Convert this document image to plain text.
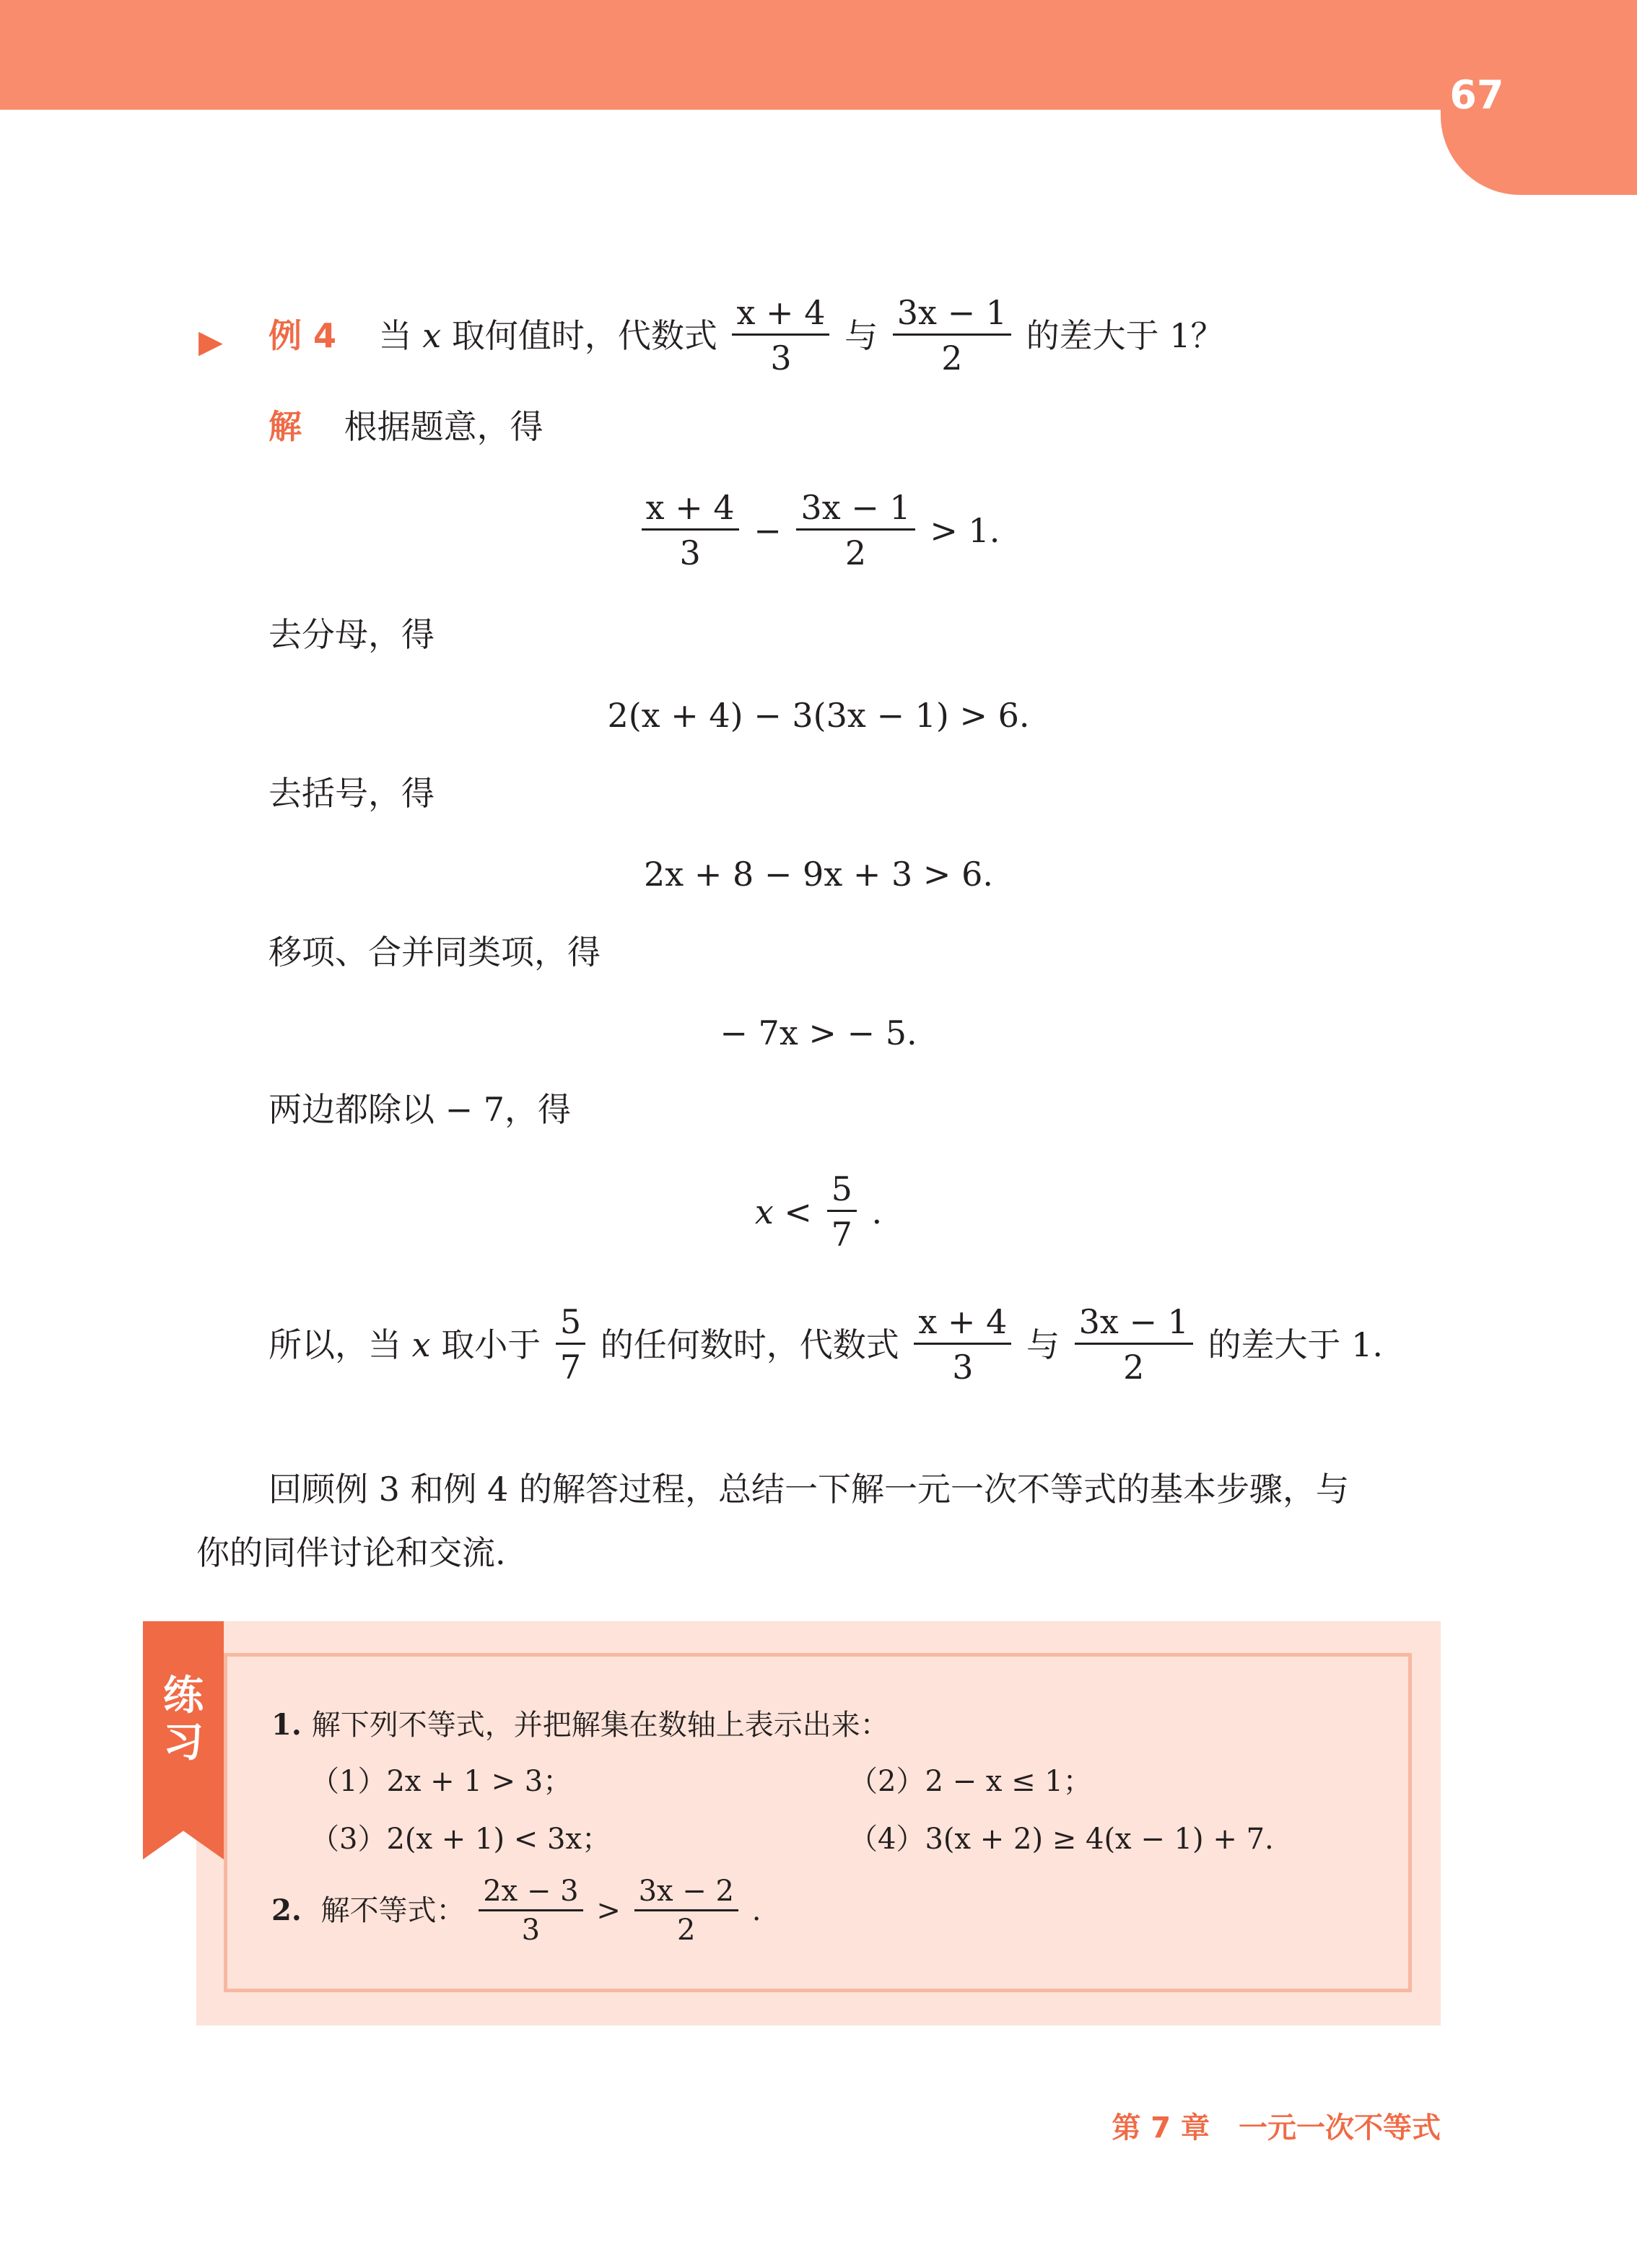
67
▶ 例 4 当 x 取何值时，代数式 $\frac{x + 4}{3}$ 与 $\frac{3x - 1}{2}$ 的差大于 1？
解 根据题意，得
$\frac{x + 4}{3} - \frac{3x - 1}{2} > 1$.
去分母，得
2(x + 4) − 3(3x − 1) > 6.
去括号，得
2x + 8 − 9x + 3 > 6.
移项、合并同类项，得
− 7x > − 5.
两边都除以 − 7，得
$x < \frac{5}{7}$ .
所以，当 x 取小于 $\frac{5}{7}$ 的任何数时，代数式 $\frac{x + 4}{3}$ 与 $\frac{3x - 1}{2}$ 的差大于 1.
回顾例 3 和例 4 的解答过程，总结一下解一元一次不等式的基本步骤，与
你的同伴讨论和交流.
练习 1. 解下列不等式，并把解集在数轴上表示出来：
（1）2x + 1 > 3；	（2）2 − x ≤ 1；
（3）2(x + 1) < 3x；	（4）3(x + 2) ≥ 4(x − 1) + 7.
2. 解不等式： $\frac{2x - 3}{3} > \frac{3x - 2}{2}$ .
第 7 章　一元一次不等式
